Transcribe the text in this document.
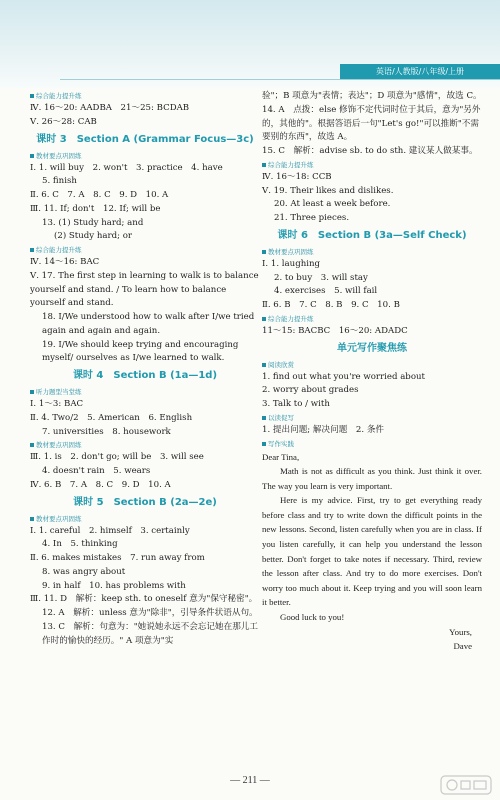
英语/人教版/八年级/上册
综合能力提升练
Ⅳ. 16～20: AADBA　21～25: BCDAB
Ⅴ. 26～28: CAB
课时 3　Section A (Grammar Focus—3c)
教材要点巩固练
Ⅰ. 1. will buy　2. won't　3. practice　4. have
5. finish
Ⅱ. 6. C　7. A　8. C　9. D　10. A
Ⅲ. 11. If; don't　12. If; will be
13. (1) Study hard; and
(2) Study hard; or
综合能力提升练
Ⅳ. 14～16: BAC
Ⅴ. 17. The first step in learning to walk is to balance yourself and stand. / To learn how to balance yourself and stand.
18. I/We understood how to walk after I/we tried again and again and again.
19. I/We should keep trying and encouraging myself/ ourselves as I/we learned to walk.
课时 4　Section B (1a—1d)
听力题型当堂练
Ⅰ. 1～3: BAC
Ⅱ. 4. Two/2　5. American　6. English
7. universities　8. housework
教材要点巩固练
Ⅲ. 1. is　2. don't go; will be　3. will see
4. doesn't rain　5. wears
Ⅳ. 6. B　7. A　8. C　9. D　10. A
课时 5　Section B (2a—2e)
教材要点巩固练
Ⅰ. 1. careful　2. himself　3. certainly
4. In　5. thinking
Ⅱ. 6. makes mistakes　7. run away from
8. was angry about
9. in half　10. has problems with
Ⅲ. 11. D　解析：keep sth. to oneself 意为"保守秘密"。
12. A　解析：unless 意为"除非"，引导条件状语从句。
13. C　解析：句意为："她说她永远不会忘记她在那儿工作时的愉快的经历。" A 项意为"实
验"；B 项意为"表情；表达"；D 项意为"感情"，故选 C。
14. A　点拨：else 修饰不定代词时位于其后，意为"另外的，其他的"。根据答语后一句"Let's go!"可以推断"不需要别的东西"，故选 A。
15. C　解析：advise sb. to do sth. 建议某人做某事。
综合能力提升练
Ⅳ. 16～18: CCB
Ⅴ. 19. Their likes and dislikes.
20. At least a week before.
21. Three pieces.
课时 6　Section B (3a—Self Check)
教材要点巩固练
Ⅰ. 1. laughing
2. to buy　3. will stay
4. exercises　5. will fail
Ⅱ. 6. B　7. C　8. B　9. C　10. B
综合能力提升练
11～15: BACBC　16～20: ADADC
单元写作聚焦练
阅读欣赏
1. find out what you're worried about
2. worry about grades
3. Talk to / with
以读促写
1. 提出问题; 解决问题　2. 条件
写作实践
Dear Tina,

Math is not as difficult as you think. Just think it over. The way you learn is very important.

Here is my advice. First, try to get everything ready before class and try to write down the difficult points in the new lessons. Second, listen carefully when you are in class. If you listen carefully, it can help you understand the lesson better. Don't forget to take notes if necessary. Third, review the lesson after class. And try to do more exercises. Don't worry too much about it. Keep trying and you will soon learn it better.

Good luck to you!

Yours,
Dave
— 211 —
